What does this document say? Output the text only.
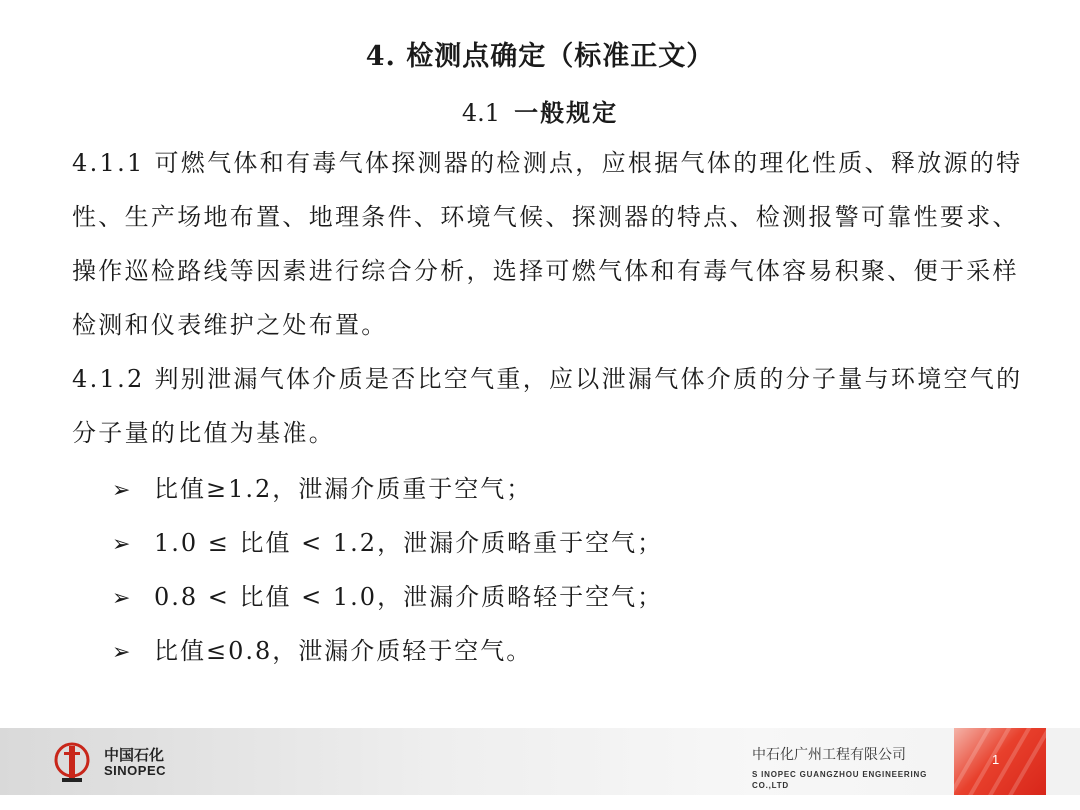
4. 检测点确定（标准正文）
4.1 一般规定
4.1.1 可燃气体和有毒气体探测器的检测点，应根据气体的理化性质、释放源的特性、生产场地布置、地理条件、环境气候、探测器的特点、检测报警可靠性要求、操作巡检路线等因素进行综合分析，选择可燃气体和有毒气体容易积聚、便于采样检测和仪表维护之处布置。
4.1.2 判别泄漏气体介质是否比空气重，应以泄漏气体介质的分子量与环境空气的分子量的比值为基准。
➢ 比值≥1.2，泄漏介质重于空气；
➢ 1.0 ≤ 比值 < 1.2，泄漏介质略重于空气；
➢ 0.8 < 比值 < 1.0，泄漏介质略轻于空气；
➢ 比值≤0.8，泄漏介质轻于空气。
中国石化
SINOPEC
中石化广州工程有限公司
S INOPEC GUANGZHOU ENGINEERING CO.,LTD
1
